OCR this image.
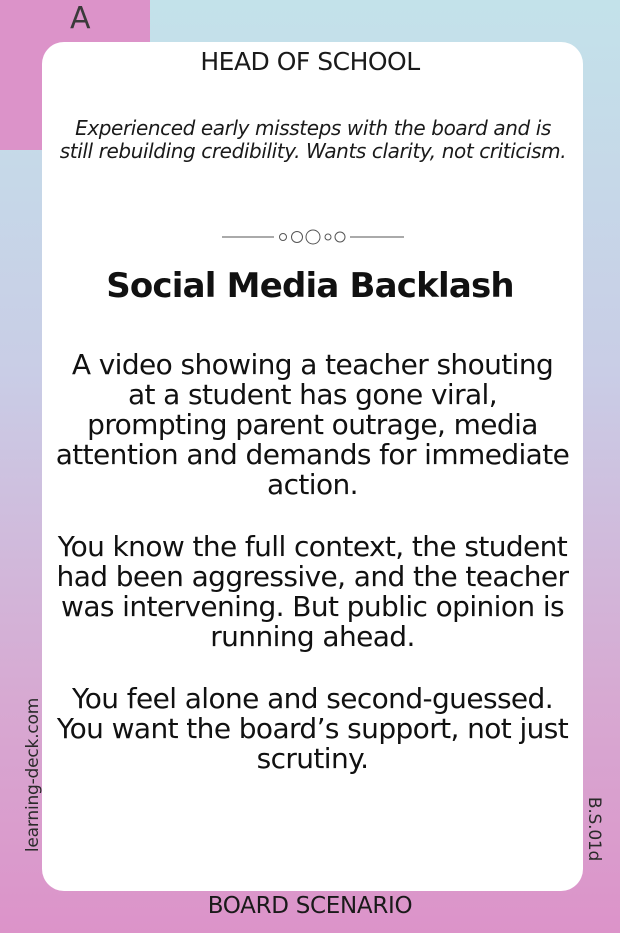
A
HEAD OF SCHOOL
Experienced early missteps with the board and is still rebuilding credibility. Wants clarity, not criticism.
Social Media Backlash

A video showing a teacher shouting at a student has gone viral, prompting parent outrage, media attention and demands for immediate action.

You know the full context, the student had been aggressive, and the teacher was intervening. But public opinion is running ahead.

You feel alone and second-guessed. You want the board’s support, not just scrutiny.

BOARD SCENARIO
learning-deck.com	B.S.01d
